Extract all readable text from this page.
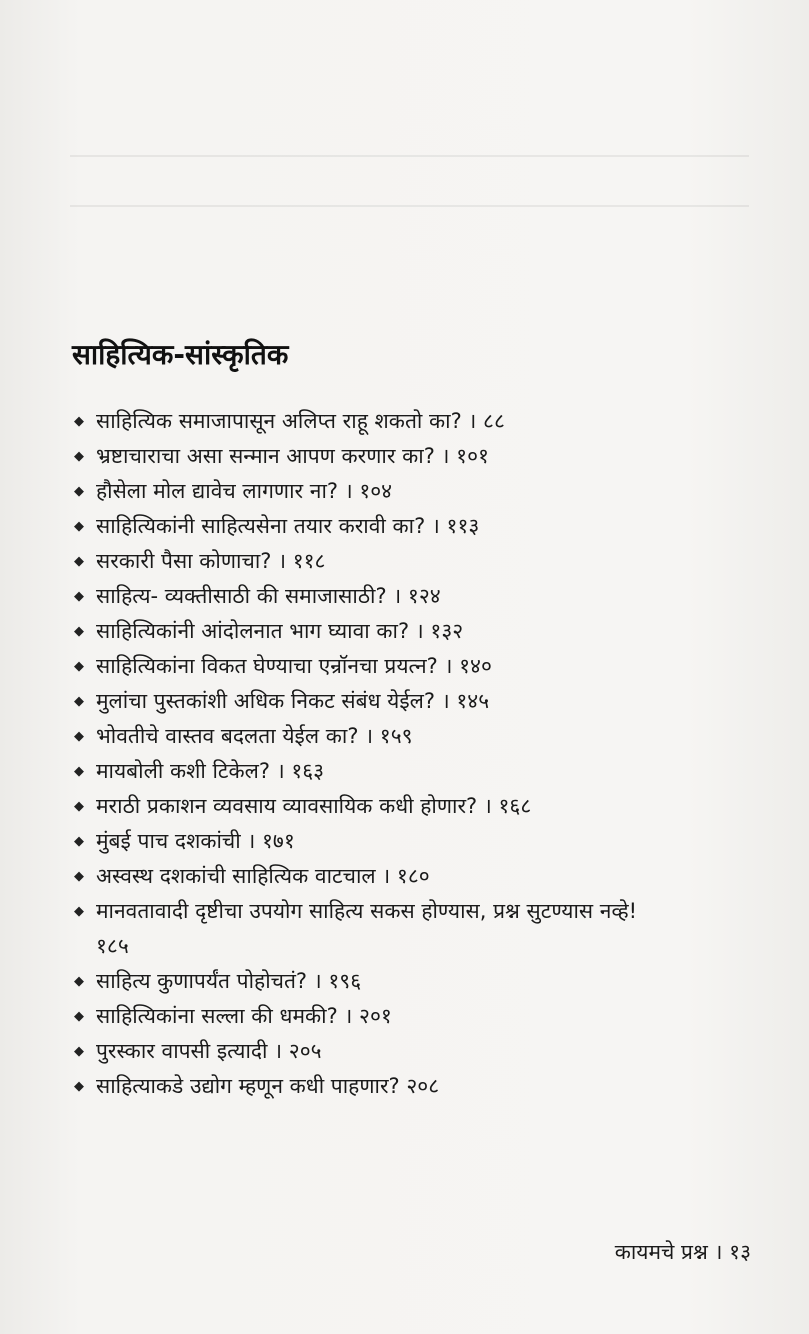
साहित्यिक-सांस्कृतिक
◆ साहित्यिक समाजापासून अलिप्त राहू शकतो का? । ८८
◆ भ्रष्टाचाराचा असा सन्मान आपण करणार का? । १०१
◆ हौसेला मोल द्यावेच लागणार ना? । १०४
◆ साहित्यिकांनी साहित्यसेना तयार करावी का? । ११३
◆ सरकारी पैसा कोणाचा? । ११८
◆ साहित्य- व्यक्तीसाठी की समाजासाठी? । १२४
◆ साहित्यिकांनी आंदोलनात भाग घ्यावा का? । १३२
◆ साहित्यिकांना विकत घेण्याचा एन्रॉनचा प्रयत्न? । १४०
◆ मुलांचा पुस्तकांशी अधिक निकट संबंध येईल? । १४५
◆ भोवतीचे वास्तव बदलता येईल का? । १५९
◆ मायबोली कशी टिकेल? । १६३
◆ मराठी प्रकाशन व्यवसाय व्यावसायिक कधी होणार? । १६८
◆ मुंबई पाच दशकांची । १७१
◆ अस्वस्थ दशकांची साहित्यिक वाटचाल । १८०
◆ मानवतावादी दृष्टीचा उपयोग साहित्य सकस होण्यास, प्रश्न सुटण्यास नव्हे! १८५
◆ साहित्य कुणापर्यंत पोहोचतं? । १९६
◆ साहित्यिकांना सल्ला की धमकी? । २०१
◆ पुरस्कार वापसी इत्यादी । २०५
◆ साहित्याकडे उद्योग म्हणून कधी पाहणार? २०८
कायमचे प्रश्न । १३
